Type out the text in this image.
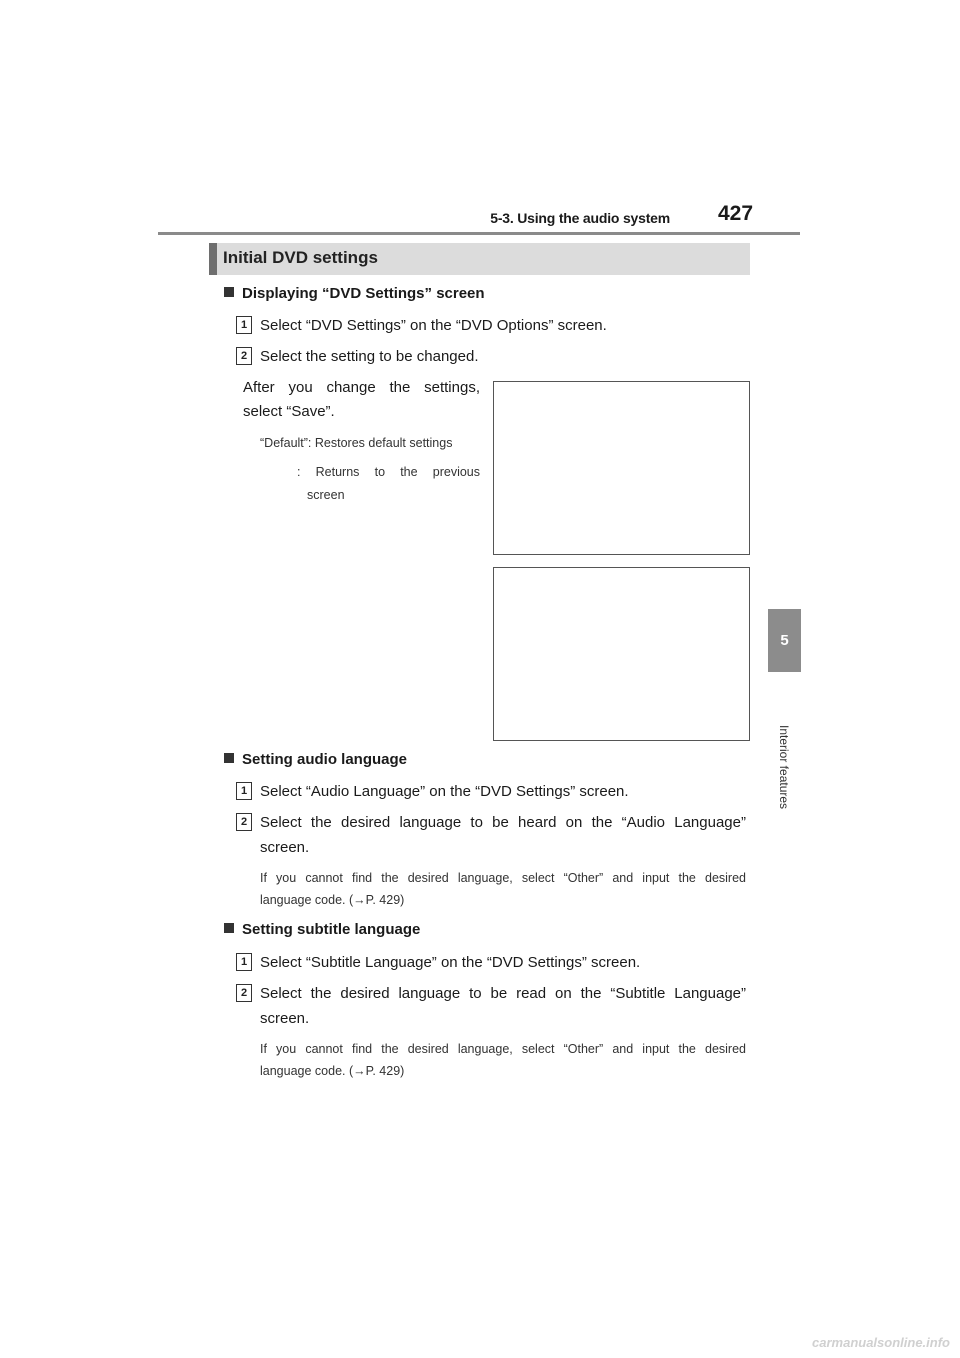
5-3. Using the audio system 427
5
Interior features
Initial DVD settings
Displaying “DVD Settings” screen
1 Select “DVD Settings” on the “DVD Options” screen.
2 Select the setting to be changed.
After you change the settings,
select “Save”.
“Default”: Restores default settings
: Returns to the previous
screen
Setting audio language
1 Select “Audio Language” on the “DVD Settings” screen.
2 Select the desired language to be heard on the “Audio Language”
screen.
If you cannot find the desired language, select “Other” and input the desired
language code. (→P. 429)
Setting subtitle language
1 Select “Subtitle Language” on the “DVD Settings” screen.
2 Select the desired language to be read on the “Subtitle Language”
screen.
If you cannot find the desired language, select “Other” and input the desired
language code. (→P. 429)
carmanualsonline.info
